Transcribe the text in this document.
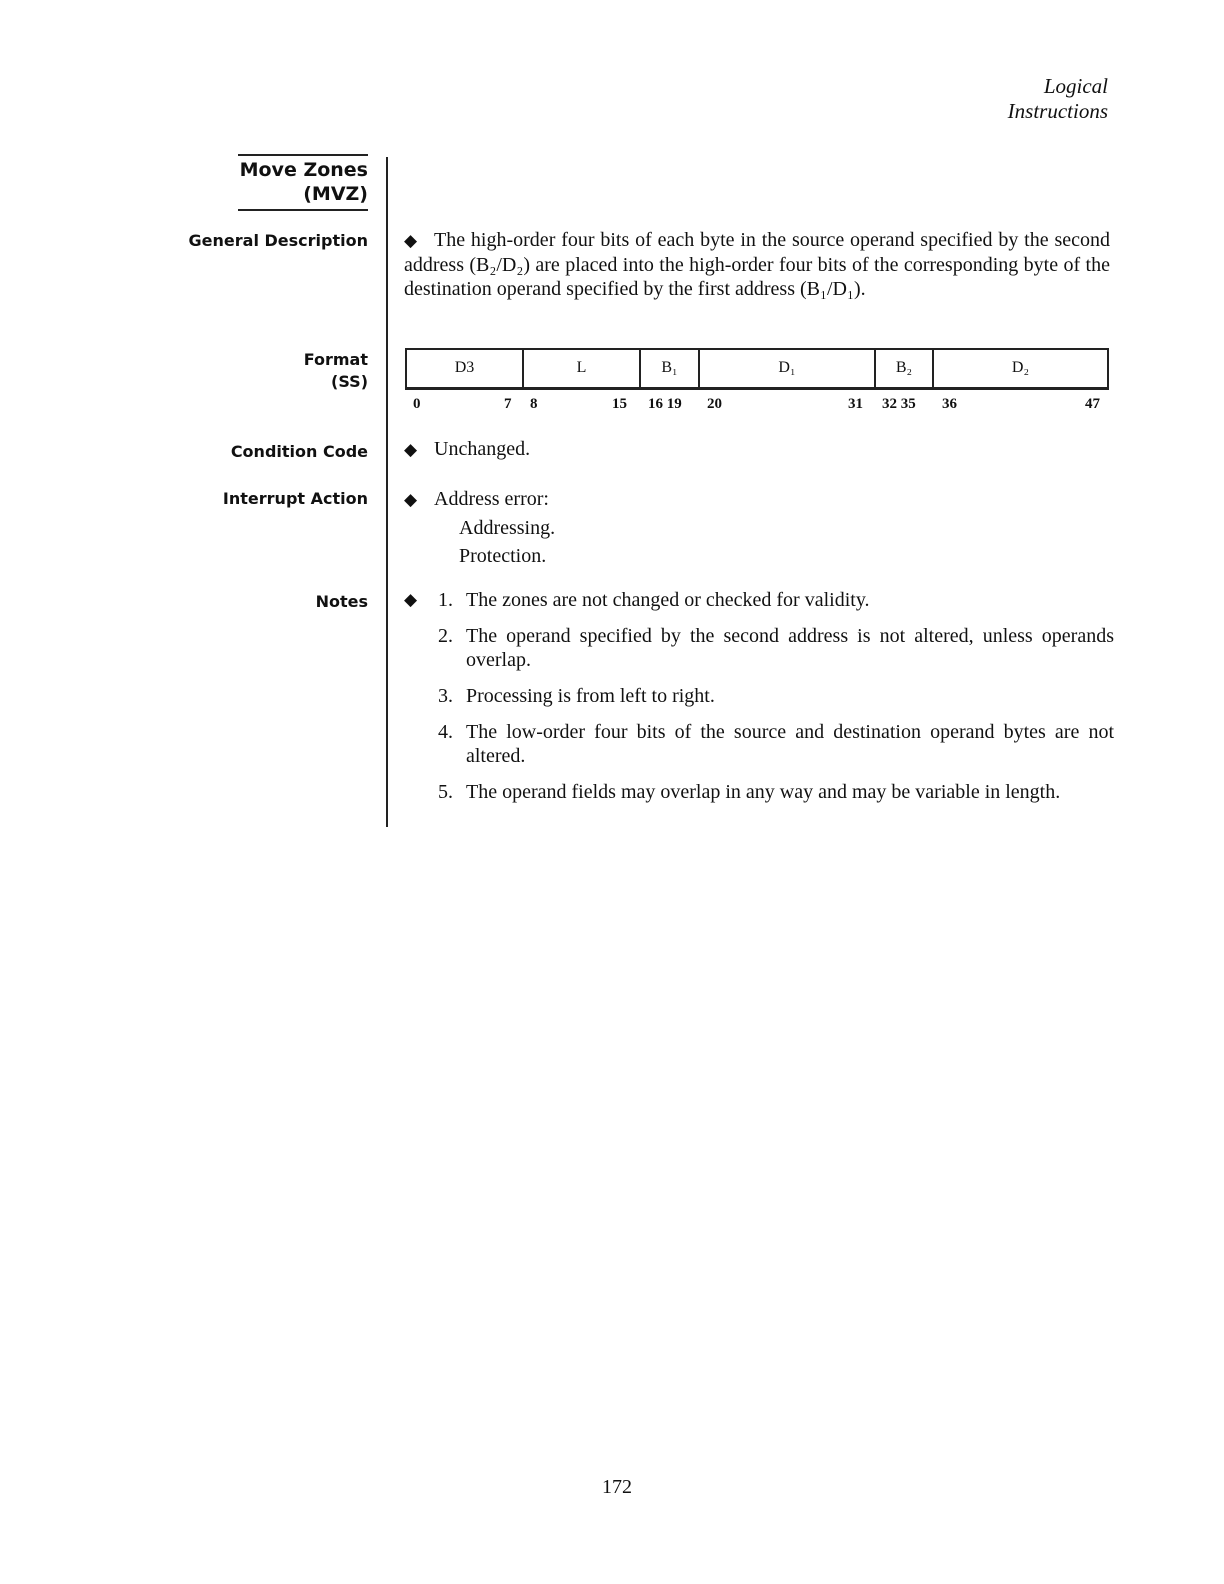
Logical
Instructions
Move Zones
(MVZ)
General Description
Format
(SS)
Condition Code
Interrupt Action
Notes
◆ The high-order four bits of each byte in the source operand specified by the second address (B₂/D₂) are placed into the high-order four bits of the corresponding byte of the destination operand specified by the first address (B₁/D₁).
D3	L	B₁	D₁	B₂	D₂
0	7 8	15 16 19 20	31 32 35 36	47
◆ Unchanged.
◆ Address error:
Addressing.
Protection.
◆ 1. The zones are not changed or checked for validity.
2. The operand specified by the second address is not altered, unless operands overlap.
3. Processing is from left to right.
4. The low-order four bits of the source and destination operand bytes are not altered.
5. The operand fields may overlap in any way and may be variable in length.
172
